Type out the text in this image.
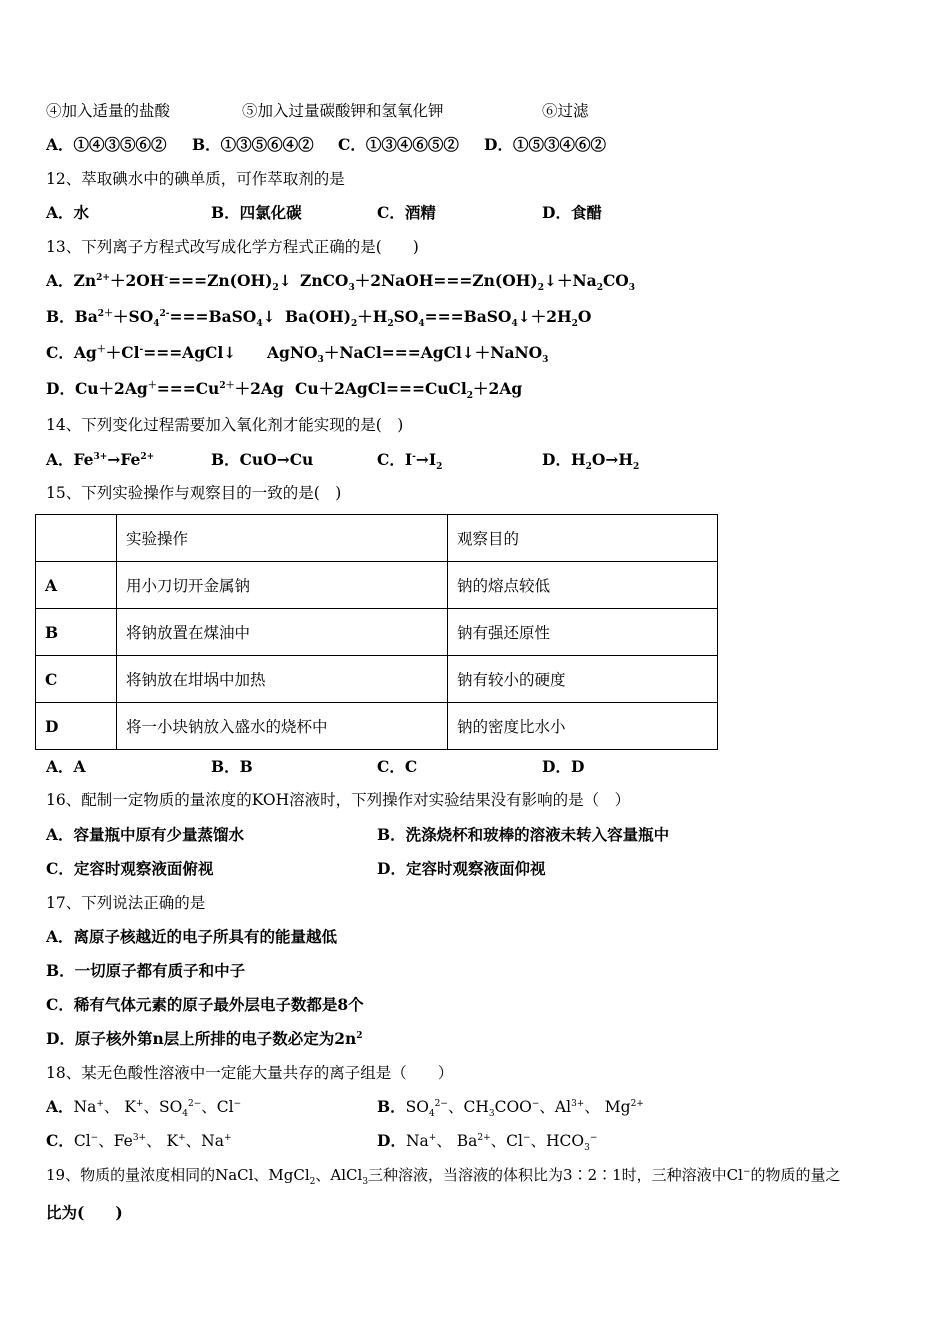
④加入适量的盐酸	⑤加入过量碳酸钾和氢氧化钾	⑥过滤
A．①④③⑤⑥② B．①③⑤⑥④② C．①③④⑥⑤② D．①⑤③④⑥②
12、萃取碘水中的碘单质，可作萃取剂的是
A．水	B．四氯化碳	C．酒精	D．食醋
13、下列离子方程式改写成化学方程式正确的是(　　)
A．$Zn^{2+}+2OH^-===Zn(OH)_2↓$ $ZnCO_3+2NaOH===Zn(OH)_2↓+Na_2CO_3$
B．$Ba^{2+}+SO_4^{2-}===BaSO_4↓$ $Ba(OH)_2+H_2SO_4===BaSO_4↓+2H_2O$
C．Ag＋＋Cl-===AgCl↓ AgNO$_3$＋NaCl===AgCl↓＋NaNO$_3$
D．$Cu+2Ag^+===Cu^{2+}+2Ag$ Cu＋2AgCl===CuCl$_2$＋2Ag
14、下列变化过程需要加入氧化剂才能实现的是(　)
A．$Fe^{3+}\to Fe^{2+}$	B．CuO→Cu	C．$I^-\to I_2$	D．$H_2O\to H_2$
15、下列实验操作与观察目的一致的是(　)
	实验操作	观察目的
A	用小刀切开金属钠	钠的熔点较低
B	将钠放置在煤油中	钠有强还原性
C	将钠放在坩埚中加热	钠有较小的硬度
D	将一小块钠放入盛水的烧杯中	钠的密度比水小
A．A	B．B	C．C	D．D
16、配制一定物质的量浓度的KOH溶液时，下列操作对实验结果没有影响的是（　）
A．容量瓶中原有少量蒸馏水	B．洗涤烧杯和玻棒的溶液未转入容量瓶中
C．定容时观察液面俯视	D．定容时观察液面仰视
17、下列说法正确的是
A．离原子核越近的电子所具有的能量越低
B．一切原子都有质子和中子
C．稀有气体元素的原子最外层电子数都是8个
D．原子核外第n层上所排的电子数必定为$2n^2$
18、某无色酸性溶液中一定能大量共存的离子组是（　　）
A．Na+、 K+、$SO_4^{2-}$、Cl−	B．$SO_4^{2-}$、$CH_3COO^-$、$Al^{3+}$、 $Mg^{2+}$
C．Cl−、$Fe^{3+}$、 K+、Na+	D．Na+、 $Ba^{2+}$、Cl−、$HCO_3^-$
19、物质的量浓度相同的NaCl、MgCl$_2$、AlCl$_3$三种溶液，当溶液的体积比为3∶2∶1时，三种溶液中Cl−的物质的量之
比为(　　)
